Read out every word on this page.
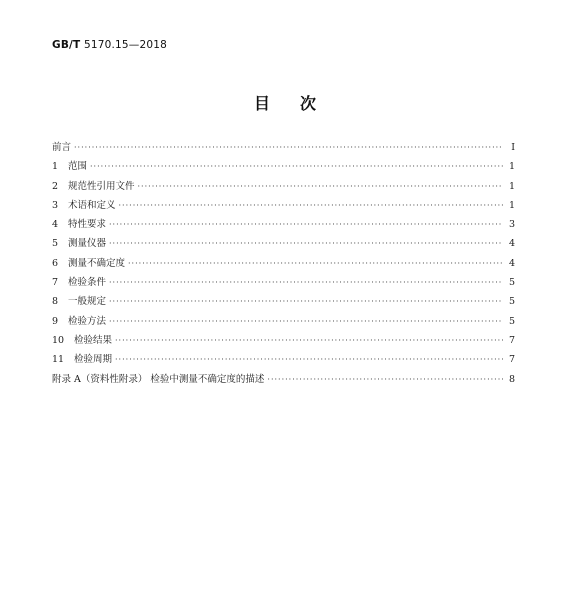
GB/T 5170.15—2018
目次
前言 ·····	Ⅰ
1	范围 ·····	1
2	规范性引用文件 ·····	1
3	术语和定义 ·····	1
4	特性要求 ·····	3
5	测量仪器 ·····	4
6	测量不确定度 ·····	4
7	检验条件 ·····	5
8	一般规定 ·····	5
9	检验方法 ·····	5
10	检验结果 ·····	7
11	检验周期 ·····	7
附录 A（资料性附录） 检验中测量不确定度的描述 ·····	8
